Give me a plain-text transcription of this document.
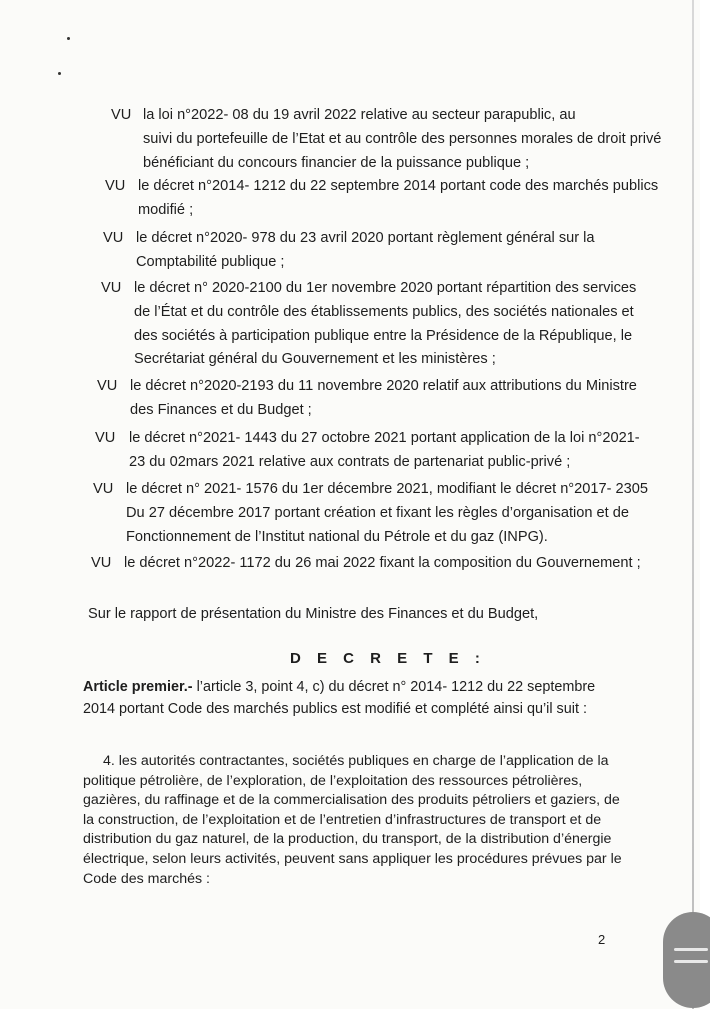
VU la loi n°2022- 08 du 19 avril 2022 relative au secteur parapublic, au
suivi du portefeuille de l’Etat et au contrôle des personnes morales de droit privé
bénéficiant du concours financier de la puissance publique ;
VU le décret n°2014- 1212 du 22 septembre 2014 portant code des marchés publics
modifié ;
VU le décret n°2020- 978 du 23 avril 2020 portant règlement général sur la
Comptabilité publique ;
VU le décret n° 2020-2100 du 1er novembre 2020 portant répartition des services
de l’État et du contrôle des établissements publics, des sociétés nationales et
des sociétés à participation publique entre la Présidence de la République, le
Secrétariat général du Gouvernement et les ministères ;
VU le décret n°2020-2193 du 11 novembre 2020 relatif aux attributions du Ministre
des Finances et du Budget ;
VU le décret n°2021- 1443 du 27 octobre 2021 portant application de la loi n°2021-
23 du 02mars 2021 relative aux contrats de partenariat public-privé ;
VU le décret n° 2021- 1576 du 1er décembre 2021, modifiant le décret n°2017- 2305
Du 27 décembre 2017 portant création et fixant les règles d’organisation et de
Fonctionnement de l’Institut national du Pétrole et du gaz (INPG).
VU le décret n°2022- 1172 du 26 mai 2022 fixant la composition du Gouvernement ;
Sur le rapport de présentation du Ministre des Finances et du Budget,
D E C R E T E :
Article premier.- l’article 3, point 4, c) du décret n° 2014- 1212 du 22 septembre
2014 portant Code des marchés publics est modifié et complété ainsi qu’il suit :
4. les autorités contractantes, sociétés publiques en charge de l’application de la
politique pétrolière, de l’exploration, de l’exploitation des ressources pétrolières,
gazières, du raffinage et de la commercialisation des produits pétroliers et gaziers, de
la construction, de l’exploitation et de l’entretien d’infrastructures de transport et de
distribution du gaz naturel, de la production, du transport, de la distribution d’énergie
électrique, selon leurs activités, peuvent sans appliquer les procédures prévues par le
Code des marchés :
2
